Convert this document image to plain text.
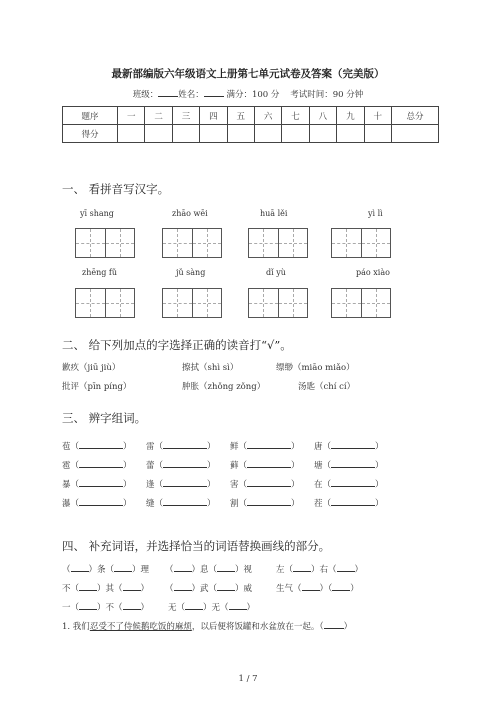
最新部编版六年级语文上册第七单元试卷及答案（完美版）
班级： 姓名：	满分：100 分 考试时间：90 分钟
题序	一	二	三	四	五	六	七	八	九	十	总分
得分											
一、 看拼音写汉字。
yī shang	zhāo wēi	huā lěi	yì lì
zhēng fǔ	jǔ sàng	dǐ yù	páo xiào
二、 给下列加点的字选择正确的读音打“√”。
歉疚（jiū jiù）	擦拭（shì sì）	缥缈（miāo miǎo）
批评（pīn píng）	肿胀（zhǒng zǒng）	汤匙（chí cí）
三、 辨字组词。
苞（	） 雷（	） 鲜（	） 唐（	）
雹（	） 蕾（	） 藓（	） 塘（	）
暴（	） 逢（	） 害（	） 在（	）
瀑（	） 缝（	） 割（	） 茬（	）
四、 补充词语，并选择恰当的词语替换画线的部分。
（ ）条（ ）理 （ ）息（ ）视	左（ ）右（ ）
不（ ）其（ ） （ ）武（ ）威	生气（ ）（ ）
一（ ）不（ ） 无（ ）无（ ）
1. 我们忍受不了侍候鹅吃饭的麻烦，以后便将饭罐和水盆放在一起。（ ）
1 / 7
